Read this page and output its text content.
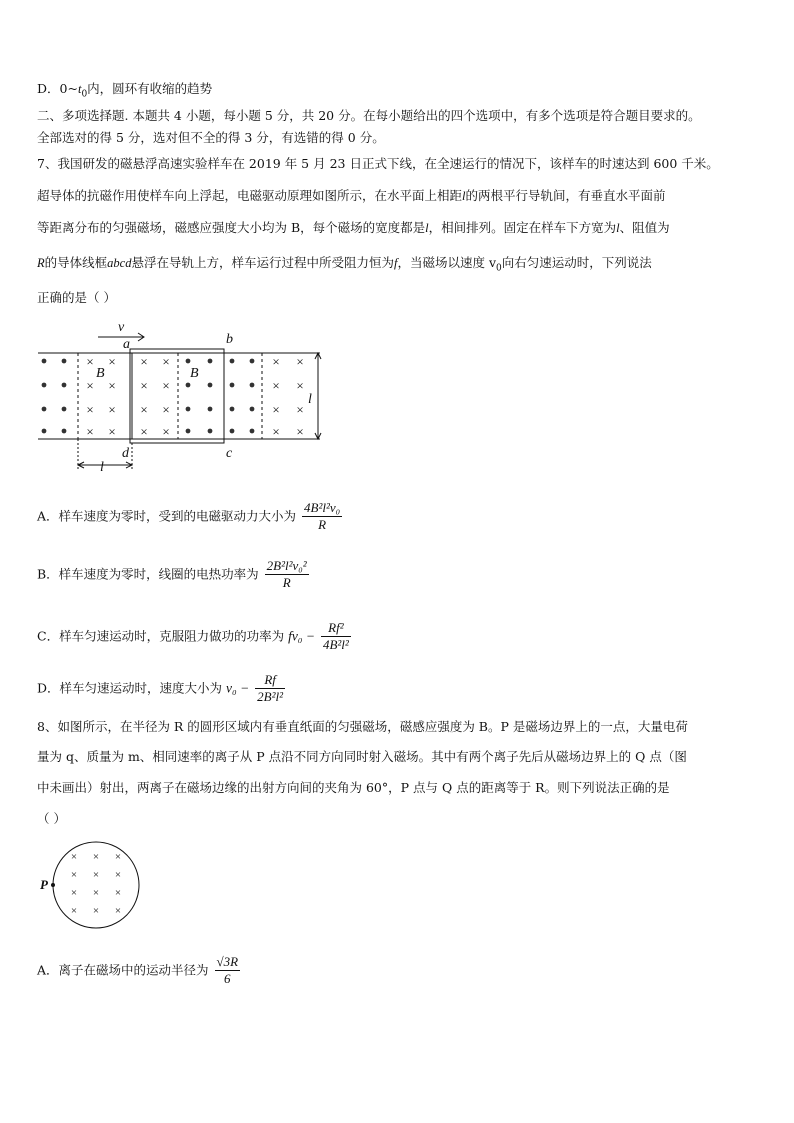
D．$0\sim t_0$内，圆环有收缩的趋势
二、多项选择题. 本题共 4 小题，每小题 5 分，共 20 分。在每小题给出的四个选项中，有多个选项是符合题目要求的。
全部选对的得 5 分，选对但不全的得 3 分，有选错的得 0 分。
7、我国研发的磁悬浮高速实验样车在 2019 年 5 月 23 日正式下线，在全速运行的情况下，该样车的时速达到 600 千米。
超导体的抗磁作用使样车向上浮起，电磁驱动原理如图所示，在水平面上相距l的两根平行导轨间，有垂直水平面前
等距离分布的匀强磁场，磁感应强度大小均为 B，每个磁场的宽度都是l，相间排列。固定在样车下方宽为l、阻值为
R的导体线框abcd悬浮在导轨上方，样车运行过程中所受阻力恒为f，当磁场以速度 $v_0$向右匀速运动时，下列说法
正确的是（ ）
× × × ×	× ×
× × × ×	× ×
× × × ×	× ×
× × × ×	× ×
v
a	b
c
d
B	B
l
l
A．样车速度为零时，受到的电磁驱动力大小为 $\frac{\text{4B²l²v₀}}{R}$
B．样车速度为零时，线圈的电热功率为 $\frac{\text{2B²l²v₀²}}{R}$
C．样车匀速运动时，克服阻力做功的功率为 $fv_0 - \frac{\text{Rf²}}{\text{4B²l²}}$
D．样车匀速运动时，速度大小为 $v_0 - \frac{Rf}{\text{2B²l²}}$
8、如图所示，在半径为 R 的圆形区域内有垂直纸面的匀强磁场，磁感应强度为 B。P 是磁场边界上的一点，大量电荷
量为 q、质量为 m、相同速率的离子从 P 点沿不同方向同时射入磁场。其中有两个离子先后从磁场边界上的 Q 点（图
中未画出）射出，两离子在磁场边缘的出射方向间的夹角为 60°，P 点与 Q 点的距离等于 R。则下列说法正确的是
（ ）
× × ×
× × ×
× × ×
× × ×
P
A．离子在磁场中的运动半径为 $\frac{√3R}{6}$
